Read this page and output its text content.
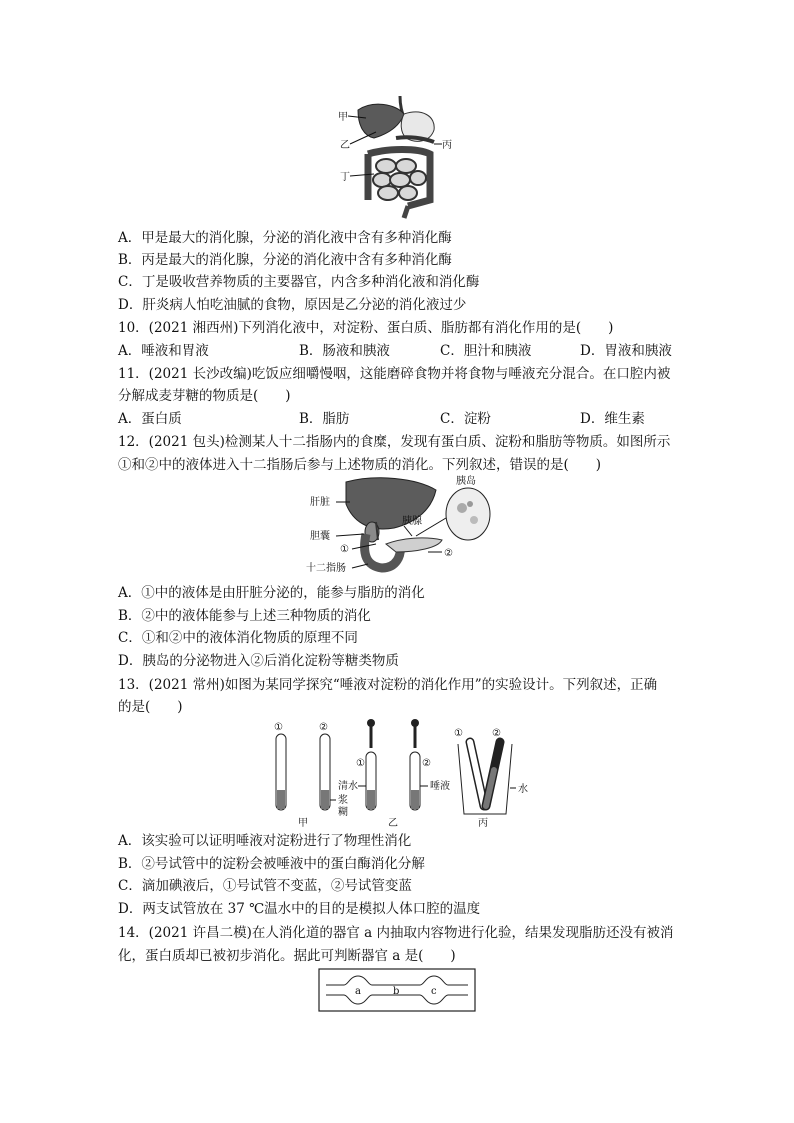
甲
乙	丙
丁
A．甲是最大的消化腺，分泌的消化液中含有多种消化酶
B．丙是最大的消化腺，分泌的消化液中含有多种消化酶
C．丁是吸收营养物质的主要器官，内含多种消化液和消化酶
D．肝炎病人怕吃油腻的食物，原因是乙分泌的消化液过少
10．(2021 湘西州)下列消化液中，对淀粉、蛋白质、脂肪都有消化作用的是(　　)
A．唾液和胃液	B．肠液和胰液	C．胆汁和胰液	D．胃液和胰液
11．(2021 长沙改编)吃饭应细嚼慢咽，这能磨碎食物并将食物与唾液充分混合。在口腔内被
分解成麦芽糖的物质是(　　)
A．蛋白质	B．脂肪	C．淀粉	D．维生素
12．(2021 包头)检测某人十二指肠内的食糜，发现有蛋白质、淀粉和脂肪等物质。如图所示
①和②中的液体进入十二指肠后参与上述物质的消化。下列叙述，错误的是(　　)
肝脏
胆囊
①
十二指肠
胰腺
②
胰岛
A．①中的液体是由肝脏分泌的，能参与脂肪的消化
B．②中的液体能参与上述三种物质的消化
C．①和②中的液体消化物质的原理不同
D．胰岛的分泌物进入②后消化淀粉等糖类物质
13．(2021 常州)如图为某同学探究“唾液对淀粉的消化作用”的实验设计。下列叙述，正确
的是(　　)
①	②
浆
糊
甲
①
清水
②
唾液
乙
①	②
水
丙
A．该实验可以证明唾液对淀粉进行了物理性消化
B．②号试管中的淀粉会被唾液中的蛋白酶消化分解
C．滴加碘液后，①号试管不变蓝，②号试管变蓝
D．两支试管放在 37 ℃温水中的目的是模拟人体口腔的温度
14．(2021 许昌二模)在人消化道的器官 a 内抽取内容物进行化验，结果发现脂肪还没有被消
化，蛋白质却已被初步消化。据此可判断器官 a 是(　　)
a	b	c
